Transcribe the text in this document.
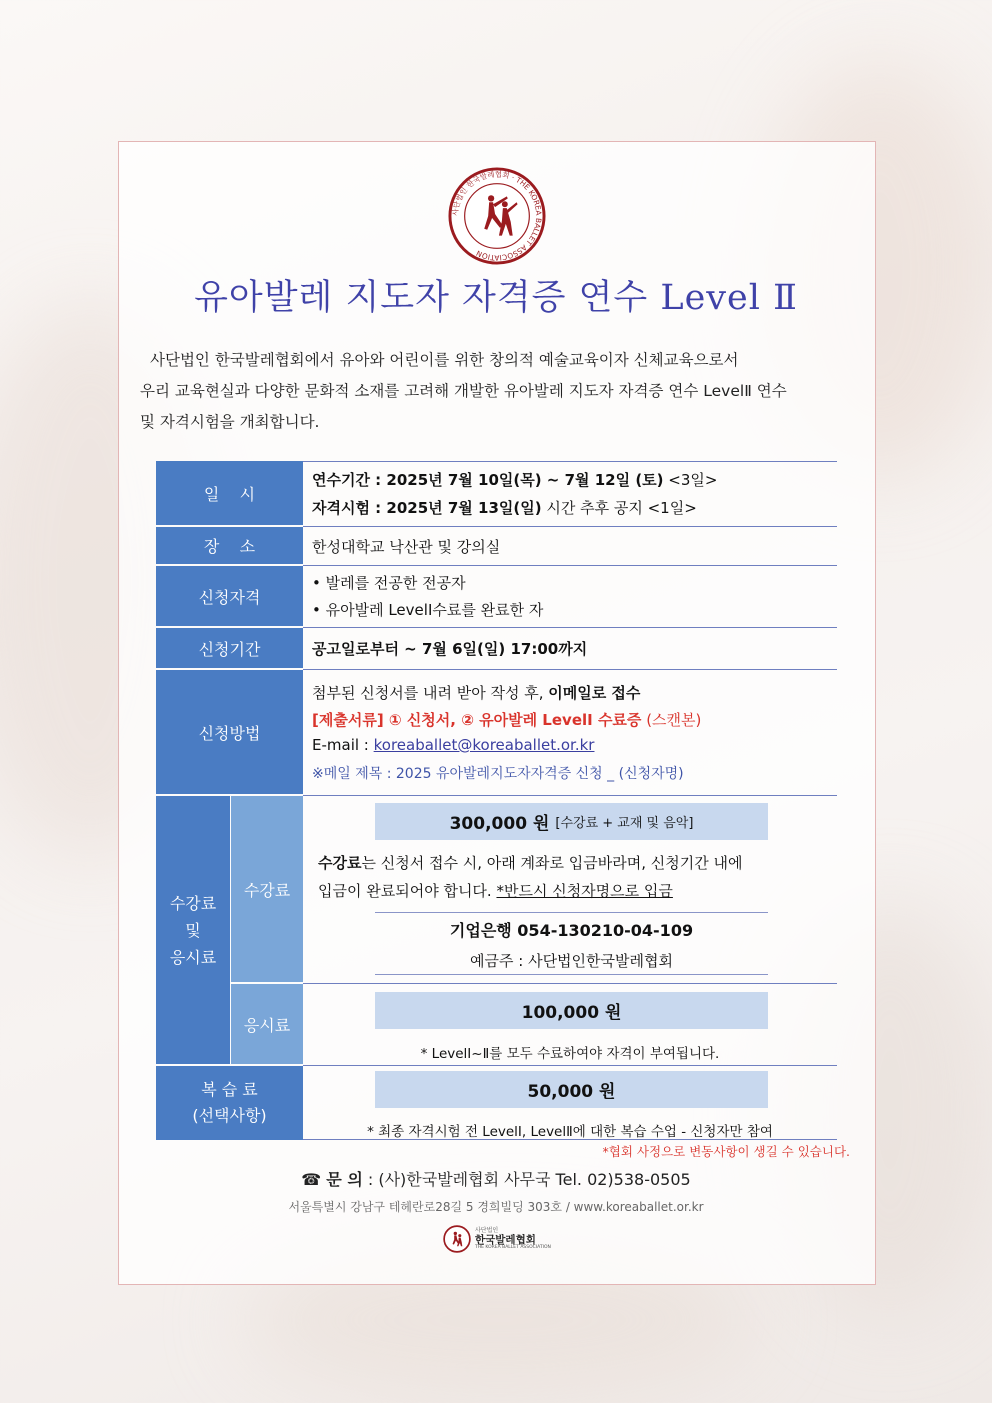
사단법인 한국발레협회 · THE KOREA BALLET ASSOCIATION
유아발레 지도자 자격증 연수 Level Ⅱ
사단법인 한국발레협회에서 유아와 어린이를 위한 창의적 예술교육이자 신체교육으로서
우리 교육현실과 다양한 문화적 소재를 고려해 개발한 유아발레 지도자 자격증 연수 LevelⅡ 연수
및 자격시험을 개최합니다.
일    시
장    소
신청자격
신청기간
신청방법
수강료
및
응시료
수강료
응시료
복 습 료
(선택사항)
연수기간 : 2025년 7월 10일(목) ~ 7월 12일 (토) <3일>
자격시험 : 2025년 7월 13일(일) 시간 추후 공지 <1일>
한성대학교 낙산관 및 강의실
• 발레를 전공한 전공자
• 유아발레 LevelⅠ수료를 완료한 자
공고일로부터 ~ 7월 6일(일) 17:00까지
첨부된 신청서를 내려 받아 작성 후, 이메일로 접수
[제출서류] ① 신청서, ② 유아발레 LevelⅠ 수료증 (스캔본)
E-mail : koreaballet@koreaballet.or.kr
※메일 제목 : 2025 유아발레지도자자격증 신청 _ (신청자명)
300,000 원 [수강료 + 교재 및 음악]
수강료는 신청서 접수 시, 아래 계좌로 입금바라며, 신청기간 내에
입금이 완료되어야 합니다. *반드시 신청자명으로 입금
기업은행 054-130210-04-109
예금주 : 사단법인한국발레협회
100,000 원
* LevelⅠ~Ⅱ를 모두 수료하여야 자격이 부여됩니다.
50,000 원
* 최종 자격시험 전 LevelⅠ, LevelⅡ에 대한 복습 수업 - 신청자만 참여
*협회 사정으로 변동사항이 생길 수 있습니다.
☎ 문 의 : (사)한국발레협회 사무국 Tel. 02)538-0505
서울특별시 강남구 테헤란로28길 5 경희빌딩 303호 / www.koreaballet.or.kr
사단법인
한국발레협회
THE KOREA BALLET ASSOCIATION
